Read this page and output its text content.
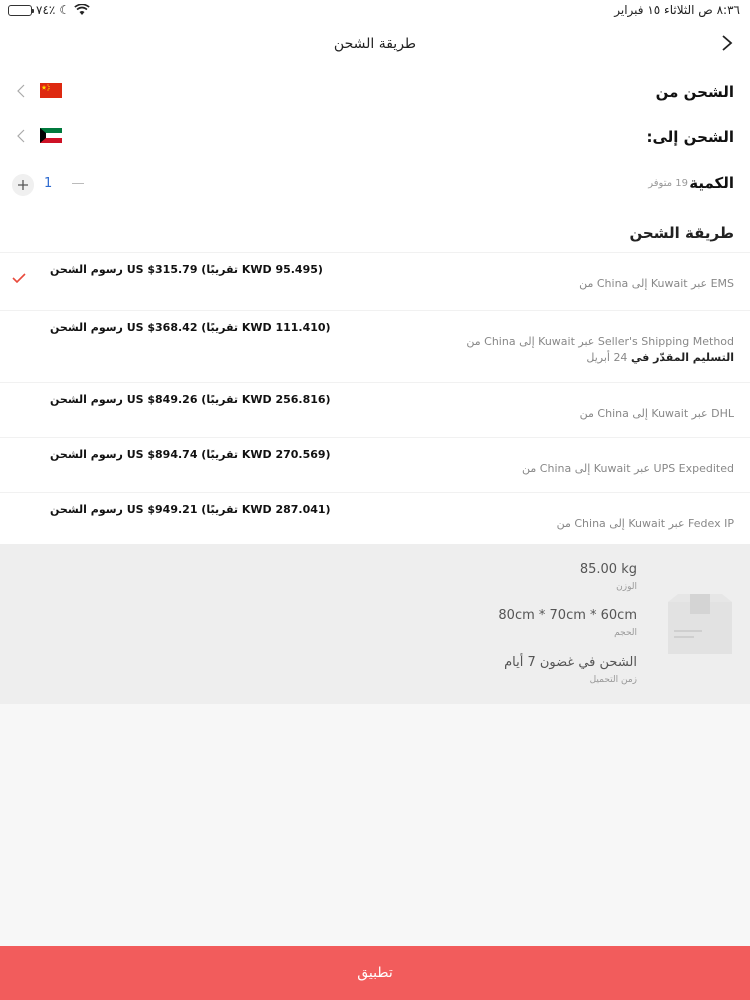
٧٤٪ ☾	٨:٣٦ ص الثلاثاء ١٥ فبراير
طريقة الشحن
الشحن من
الشحن إلى:
الكمية
19 متوفر
1
طريقة الشحن
رسوم الشحن US $315.79 (تقريبًا KWD 95.495)
من China إلى Kuwait عبر EMS
رسوم الشحن US $368.42 (تقريبًا KWD 111.410)
من China إلى Kuwait عبر Seller's Shipping Method
التسليم المقدّر في 24 أبريل
رسوم الشحن US $849.26 (تقريبًا KWD 256.816)
من China إلى Kuwait عبر DHL
رسوم الشحن US $894.74 (تقريبًا KWD 270.569)
من China إلى Kuwait عبر UPS Expedited
رسوم الشحن US $949.21 (تقريبًا KWD 287.041)
من China إلى Kuwait عبر Fedex IP
85.00 kg
الوزن
80cm * 70cm * 60cm
الحجم
الشحن في غضون 7 أيام
زمن التحميل
تطبيق
